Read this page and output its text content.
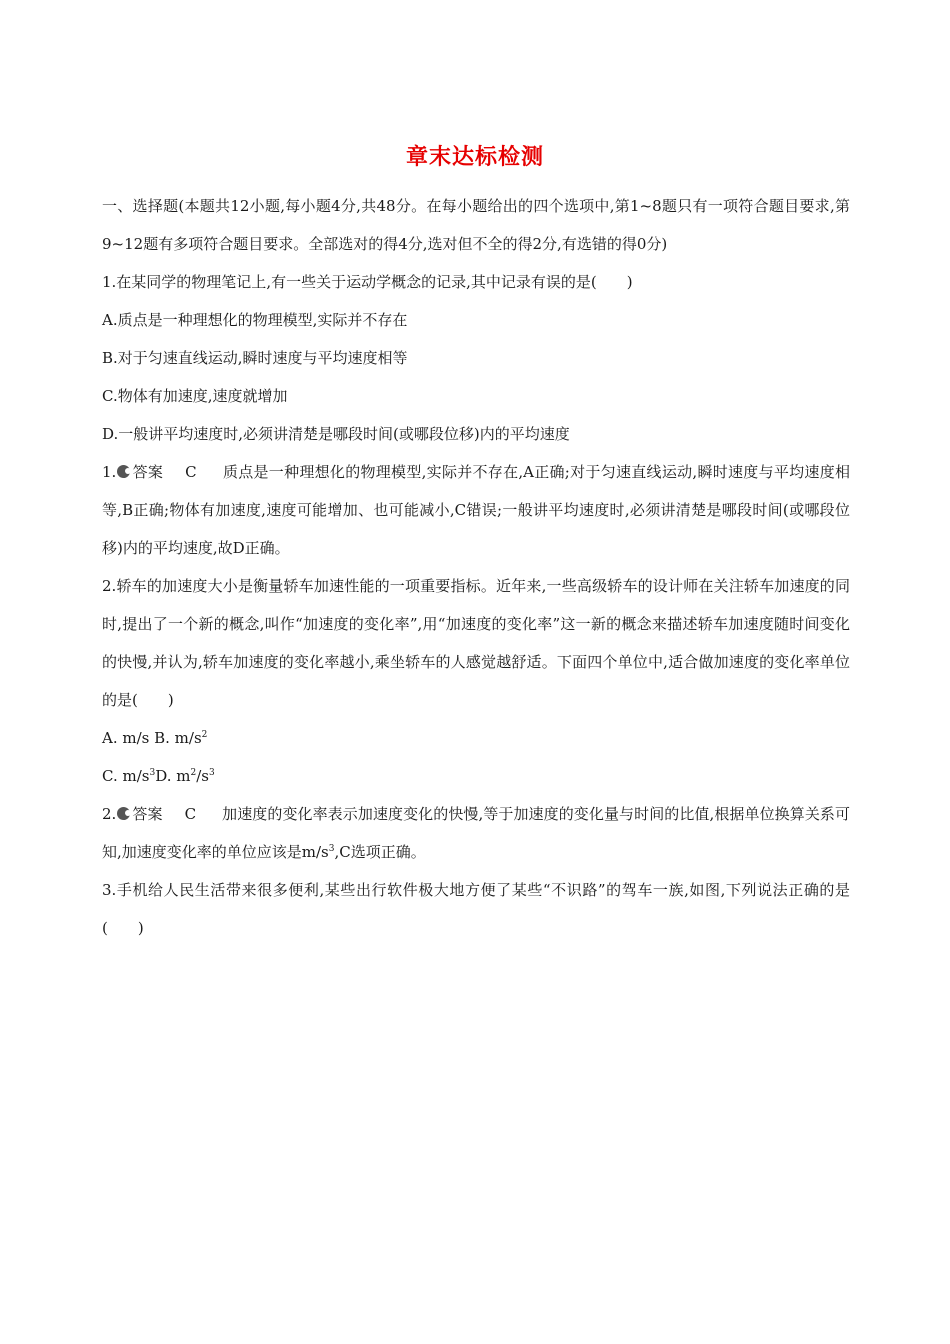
章末达标检测

一、选择题(本题共12小题,每小题4分,共48分。在每小题给出的四个选项中,第1~8题只有一项符合题目要求,第9~12题有多项符合题目要求。全部选对的得4分,选对但不全的得2分,有选错的得0分)

1.在某同学的物理笔记上,有一些关于运动学概念的记录,其中记录有误的是(　　)

A.质点是一种理想化的物理模型,实际并不存在

B.对于匀速直线运动,瞬时速度与平均速度相等

C.物体有加速度,速度就增加

D.一般讲平均速度时,必须讲清楚是哪段时间(或哪段位移)内的平均速度

1. 答案 C 质点是一种理想化的物理模型,实际并不存在,A正确;对于匀速直线运动,瞬时速度与平均速度相等,B正确;物体有加速度,速度可能增加、也可能减小,C错误;一般讲平均速度时,必须讲清楚是哪段时间(或哪段位移)内的平均速度,故D正确。

2.轿车的加速度大小是衡量轿车加速性能的一项重要指标。近年来,一些高级轿车的设计师在关注轿车加速度的同时,提出了一个新的概念,叫作“加速度的变化率”,用“加速度的变化率”这一新的概念来描述轿车加速度随时间变化的快慢,并认为,轿车加速度的变化率越小,乘坐轿车的人感觉越舒适。下面四个单位中,适合做加速度的变化率单位的是(　　)

A. m/s B. $m/s^2$

C. $m/s^3D$. $m^2/s^3$

2. 答案 C 加速度的变化率表示加速度变化的快慢,等于加速度的变化量与时间的比值,根据单位换算关系可知,加速度变化率的单位应该是$m/s^3,C$选项正确。

3.手机给人民生活带来很多便利,某些出行软件极大地方便了某些“不识路”的驾车一族,如图,下列说法正确的是(　　)
